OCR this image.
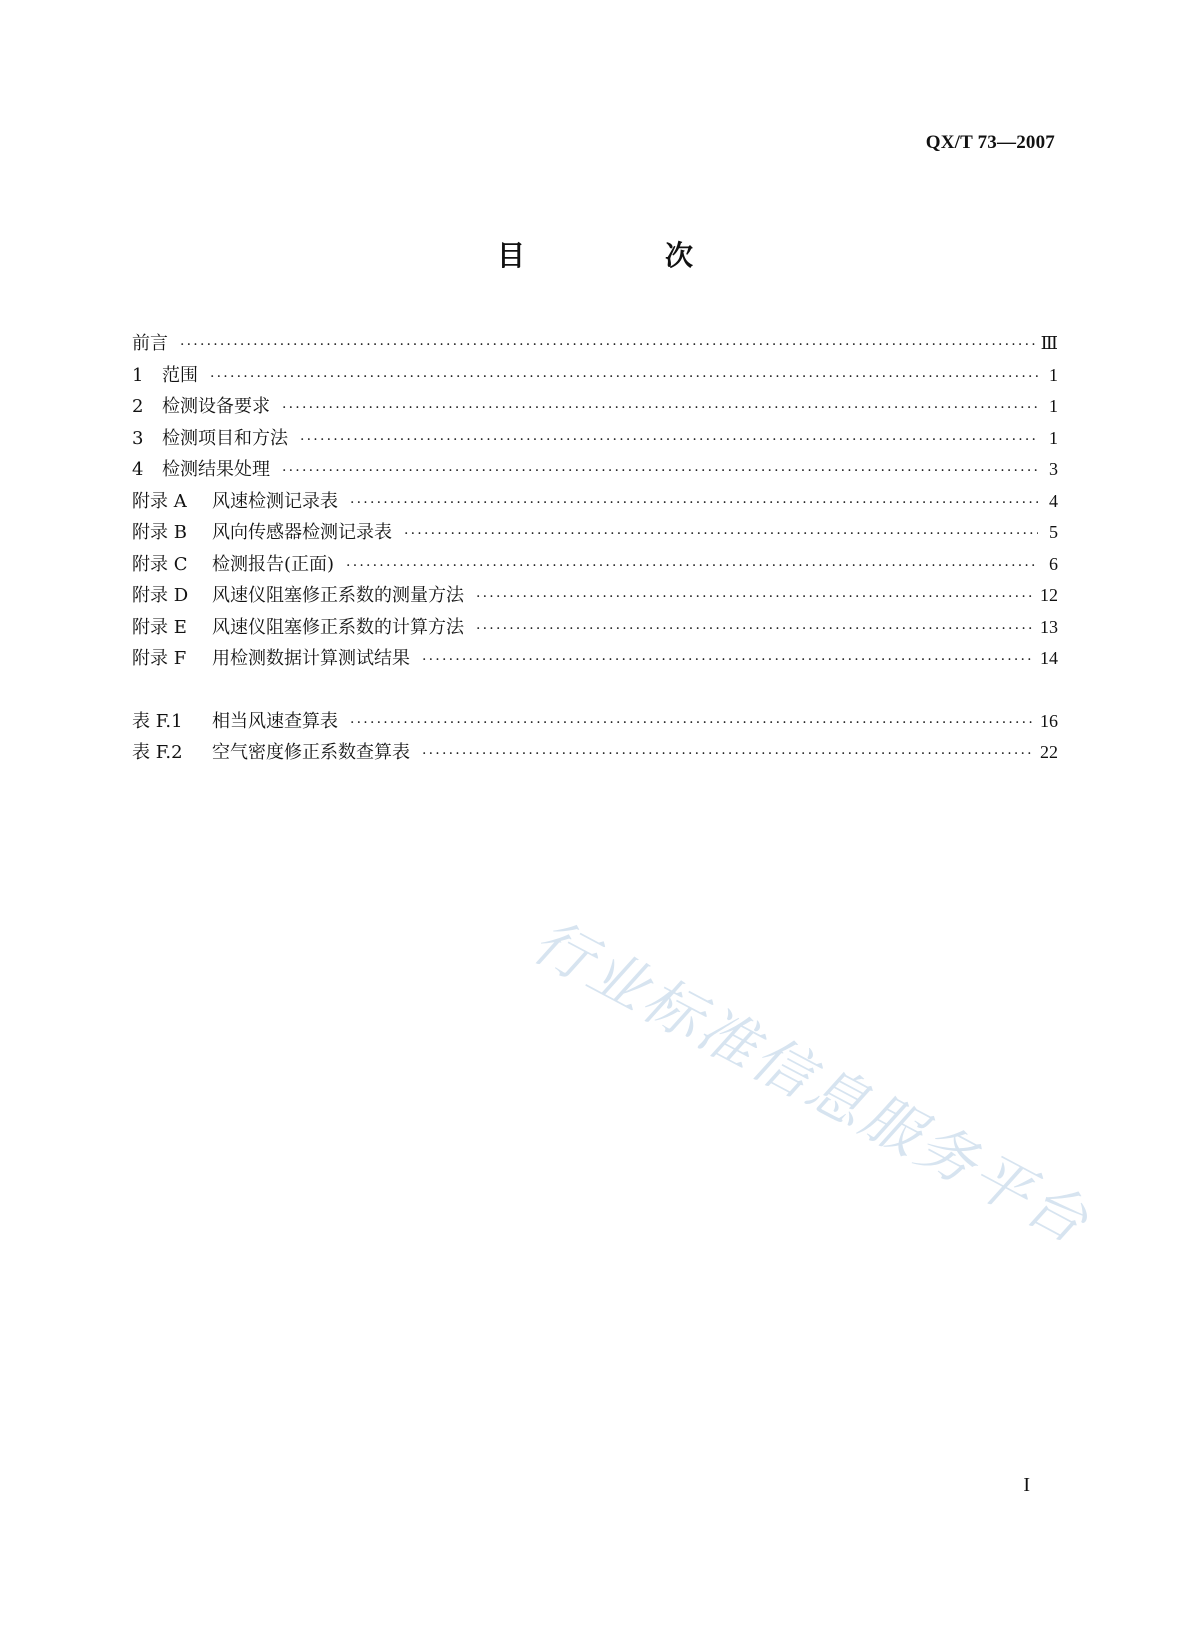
QX/T 73—2007
目　次
前言 ·····	Ⅲ
1 范围 ·····	1
2 检测设备要求 ·····	1
3 检测项目和方法 ·····	1
4 检测结果处理 ·····	3
附录 A 风速检测记录表 ·····	4
附录 B 风向传感器检测记录表 ·····	5
附录 C 检测报告(正面) ·····	6
附录 D 风速仪阻塞修正系数的测量方法 ·····	12
附录 E 风速仪阻塞修正系数的计算方法 ·····	13
附录 F 用检测数据计算测试结果 ·····	14
表 F.1 相当风速查算表 ·····	16
表 F.2 空气密度修正系数查算表 ·····	22
行业标准信息服务平台
I
